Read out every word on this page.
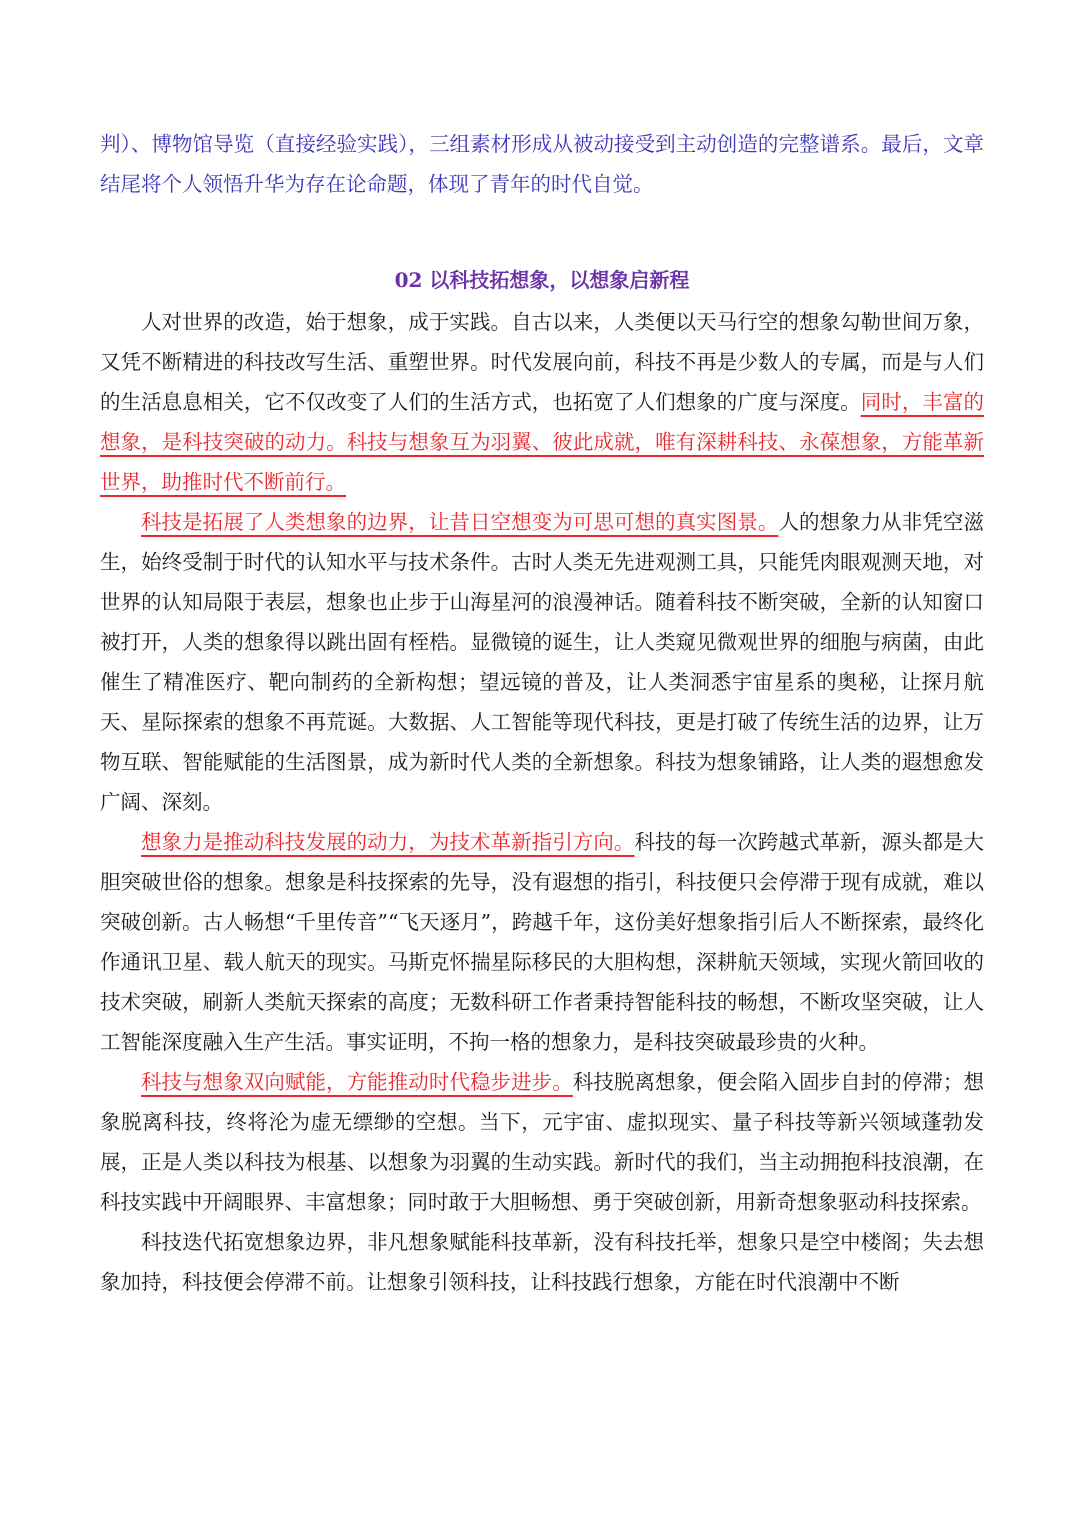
判）、博物馆导览（直接经验实践），三组素材形成从被动接受到主动创造的完整谱系。最后，文章结尾将个人领悟升华为存在论命题，体现了青年的时代自觉。

02 以科技拓想象，以想象启新程

人对世界的改造，始于想象，成于实践。自古以来，人类便以天马行空的想象勾勒世间万象，又凭不断精进的科技改写生活、重塑世界。时代发展向前，科技不再是少数人的专属，而是与人们的生活息息相关，它不仅改变了人们的生活方式，也拓宽了人们想象的广度与深度。同时，丰富的想象，是科技突破的动力。科技与想象互为羽翼、彼此成就，唯有深耕科技、永葆想象，方能革新世界，助推时代不断前行。

科技是拓展了人类想象的边界，让昔日空想变为可思可想的真实图景。人的想象力从非凭空滋生，始终受制于时代的认知水平与技术条件。古时人类无先进观测工具，只能凭肉眼观测天地，对世界的认知局限于表层，想象也止步于山海星河的浪漫神话。随着科技不断突破，全新的认知窗口被打开，人类的想象得以跳出固有桎梏。显微镜的诞生，让人类窥见微观世界的细胞与病菌，由此催生了精准医疗、靶向制药的全新构想；望远镜的普及，让人类洞悉宇宙星系的奥秘，让探月航天、星际探索的想象不再荒诞。大数据、人工智能等现代科技，更是打破了传统生活的边界，让万物互联、智能赋能的生活图景，成为新时代人类的全新想象。科技为想象铺路，让人类的遐想愈发广阔、深刻。

想象力是推动科技发展的动力，为技术革新指引方向。科技的每一次跨越式革新，源头都是大胆突破世俗的想象。想象是科技探索的先导，没有遐想的指引，科技便只会停滞于现有成就，难以突破创新。古人畅想“千里传音”“飞天逐月”，跨越千年，这份美好想象指引后人不断探索，最终化作通讯卫星、载人航天的现实。马斯克怀揣星际移民的大胆构想，深耕航天领域，实现火箭回收的技术突破，刷新人类航天探索的高度；无数科研工作者秉持智能科技的畅想，不断攻坚突破，让人工智能深度融入生产生活。事实证明，不拘一格的想象力，是科技突破最珍贵的火种。

科技与想象双向赋能，方能推动时代稳步进步。科技脱离想象，便会陷入固步自封的停滞；想象脱离科技，终将沦为虚无缥缈的空想。当下，元宇宙、虚拟现实、量子科技等新兴领域蓬勃发展，正是人类以科技为根基、以想象为羽翼的生动实践。新时代的我们，当主动拥抱科技浪潮，在科技实践中开阔眼界、丰富想象；同时敢于大胆畅想、勇于突破创新，用新奇想象驱动科技探索。

科技迭代拓宽想象边界，非凡想象赋能科技革新，没有科技托举，想象只是空中楼阁；失去想象加持，科技便会停滞不前。让想象引领科技，让科技践行想象，方能在时代浪潮中不断
